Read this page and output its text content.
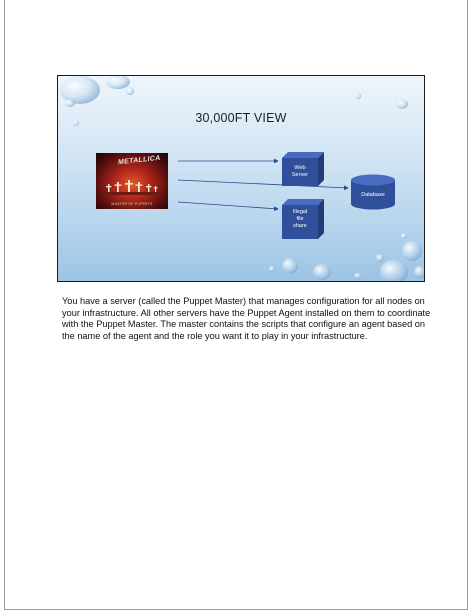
30,000FT VIEW
METALLICA
MASTER OF PUPPETS
Web
Server
Illegal
file
share
Database

You have a server (called the Puppet Master) that manages configuration for all nodes on your infrastructure. All other servers have the Puppet Agent installed on them to coordinate with the Puppet Master. The master contains the scripts that configure an agent based on the name of the agent and the role you want it to play in your infrastructure.
